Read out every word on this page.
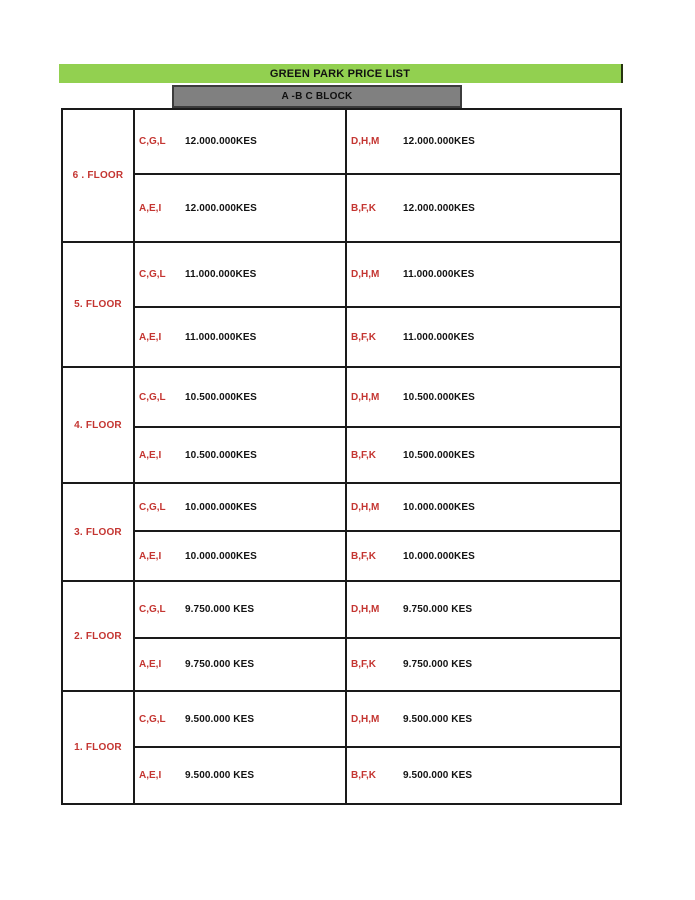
GREEN PARK PRICE LIST
A -B C BLOCK
6 . FLOOR
C,G,L	12.000.000KES	D,H,M	12.000.000KES
A,E,I	12.000.000KES	B,F,K	12.000.000KES
5. FLOOR
C,G,L	11.000.000KES	D,H,M	11.000.000KES
A,E,I	11.000.000KES	B,F,K	11.000.000KES
4. FLOOR
C,G,L	10.500.000KES	D,H,M	10.500.000KES
A,E,I	10.500.000KES	B,F,K	10.500.000KES
3. FLOOR
C,G,L	10.000.000KES	D,H,M	10.000.000KES
A,E,I	10.000.000KES	B,F,K	10.000.000KES
2. FLOOR
C,G,L	9.750.000 KES	D,H,M	9.750.000 KES
A,E,I	9.750.000 KES	B,F,K	9.750.000 KES
1. FLOOR
C,G,L	9.500.000 KES	D,H,M	9.500.000 KES
A,E,I	9.500.000 KES	B,F,K	9.500.000 KES
